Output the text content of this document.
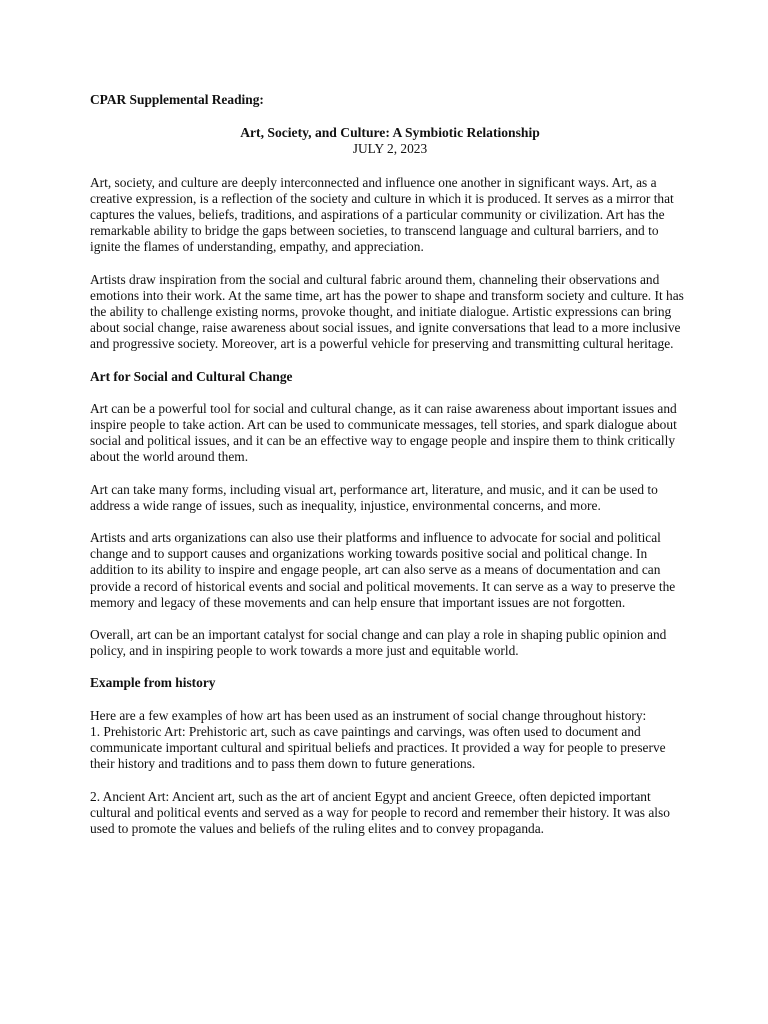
CPAR Supplemental Reading:
Art, Society, and Culture: A Symbiotic Relationship
JULY 2, 2023

Art, society, and culture are deeply interconnected and influence one another in significant ways. Art, as a creative expression, is a reflection of the society and culture in which it is produced. It serves as a mirror that captures the values, beliefs, traditions, and aspirations of a particular community or civilization. Art has the remarkable ability to bridge the gaps between societies, to transcend language and cultural barriers, and to ignite the flames of understanding, empathy, and appreciation.

Artists draw inspiration from the social and cultural fabric around them, channeling their observations and emotions into their work. At the same time, art has the power to shape and transform society and culture. It has the ability to challenge existing norms, provoke thought, and initiate dialogue. Artistic expressions can bring about social change, raise awareness about social issues, and ignite conversations that lead to a more inclusive and progressive society. Moreover, art is a powerful vehicle for preserving and transmitting cultural heritage.

Art for Social and Cultural Change

Art can be a powerful tool for social and cultural change, as it can raise awareness about important issues and inspire people to take action. Art can be used to communicate messages, tell stories, and spark dialogue about social and political issues, and it can be an effective way to engage people and inspire them to think critically about the world around them.

Art can take many forms, including visual art, performance art, literature, and music, and it can be used to address a wide range of issues, such as inequality, injustice, environmental concerns, and more.

Artists and arts organizations can also use their platforms and influence to advocate for social and political change and to support causes and organizations working towards positive social and political change. In addition to its ability to inspire and engage people, art can also serve as a means of documentation and can provide a record of historical events and social and political movements. It can serve as a way to preserve the memory and legacy of these movements and can help ensure that important issues are not forgotten.

Overall, art can be an important catalyst for social change and can play a role in shaping public opinion and policy, and in inspiring people to work towards a more just and equitable world.

Example from history
Here are a few examples of how art has been used as an instrument of social change throughout history:
1. Prehistoric Art: Prehistoric art, such as cave paintings and carvings, was often used to document and communicate important cultural and spiritual beliefs and practices. It provided a way for people to preserve their history and traditions and to pass them down to future generations.
2. Ancient Art: Ancient art, such as the art of ancient Egypt and ancient Greece, often depicted important cultural and political events and served as a way for people to record and remember their history. It was also used to promote the values and beliefs of the ruling elites and to convey propaganda.
